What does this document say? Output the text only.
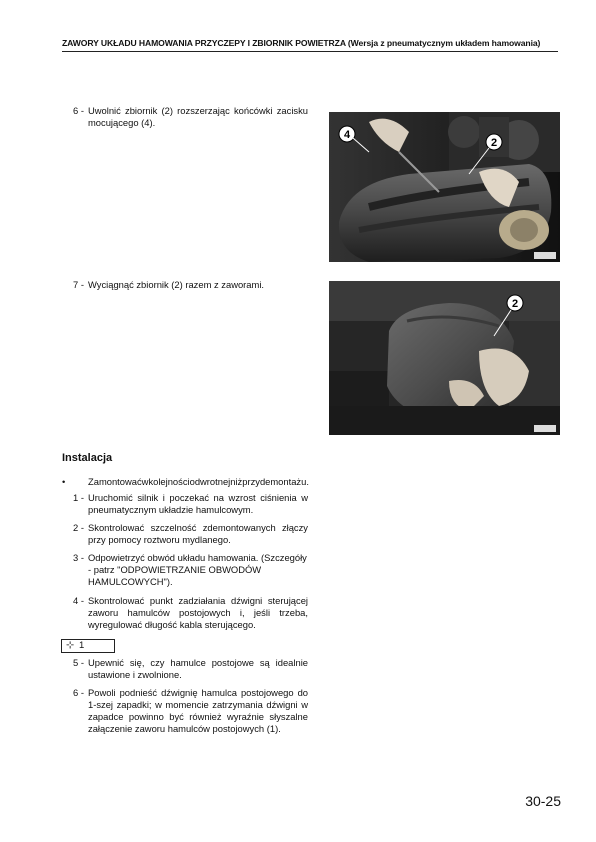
ZAWORY UKŁADU HAMOWANIA PRZYCZEPY I ZBIORNIK POWIETRZA (Wersja z pneumatycznym układem hamowania)
6 - Uwolnić zbiornik (2) rozszerzając końcówki zacisku mocującego (4).
4
2
7 - Wyciągnąć zbiornik (2) razem z zaworami.
2
Instalacja
• Zamontowaćwkolejnościodwrotnejniżprzydemontażu.
1 - Uruchomić silnik i poczekać na wzrost ciśnienia w pneumatycznym układzie hamulcowym.
2 - Skontrolować szczelność zdemontowanych złączy przy pomocy roztworu mydlanego.
3 - Odpowietrzyć obwód układu hamowania. (Szczegóły - patrz "ODPOWIETRZANIE OBWODÓW HAMULCOWYCH").
4 - Skontrolować punkt zadziałania dźwigni sterującej zaworu hamulców postojowych i, jeśli trzeba, wyregulować długość kabla sterującego.
⊹ 1
5 - Upewnić się, czy hamulce postojowe są idealnie ustawione i zwolnione.
6 - Powoli podnieść dźwignię hamulca postojowego do 1-szej zapadki; w momencie zatrzymania dźwigni w zapadce powinno być również wyraźnie słyszalne załączenie zaworu hamulców postojowych (1).
30-25
